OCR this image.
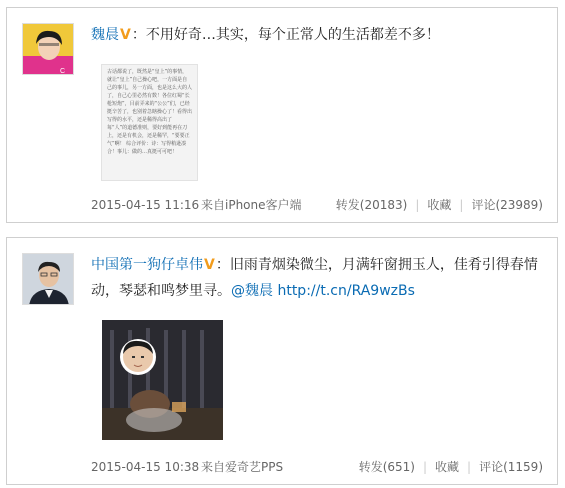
C
魏晨V：不用好奇…其实，每个正常人的生活都差不多！
古话都说了，既然是“皇上”的事情，就让“皇上”自己操心吧，一方面是自己的事儿，另一方面，也是这么大的人了，自己心里必然有数！各位红蜀“长枪短炮”，目前弄来的“公公”们，已经挺辛苦了，也别着急瞎操心了！看得出写得的水平，还是稀得高出了每“人”的道德准则，要好到能再在刀上，还是有机会，还是稀罕，“要要正气”啊！ 综合评价：诗：写得稍逊凑合！事儿：做的…真挺可可吧！
2015-04-15 11:16 来自iPhone客户端	转发(20183) | 收藏 | 评论(23989)
中国第一狗仔卓伟V：旧雨青烟染微尘，月满轩窗拥玉人，佳肴引得春情动，琴瑟和鸣梦里寻。@魏晨 http://t.cn/RA9wzBs
2015-04-15 10:38 来自爱奇艺PPS	转发(651) | 收藏 | 评论(1159)
